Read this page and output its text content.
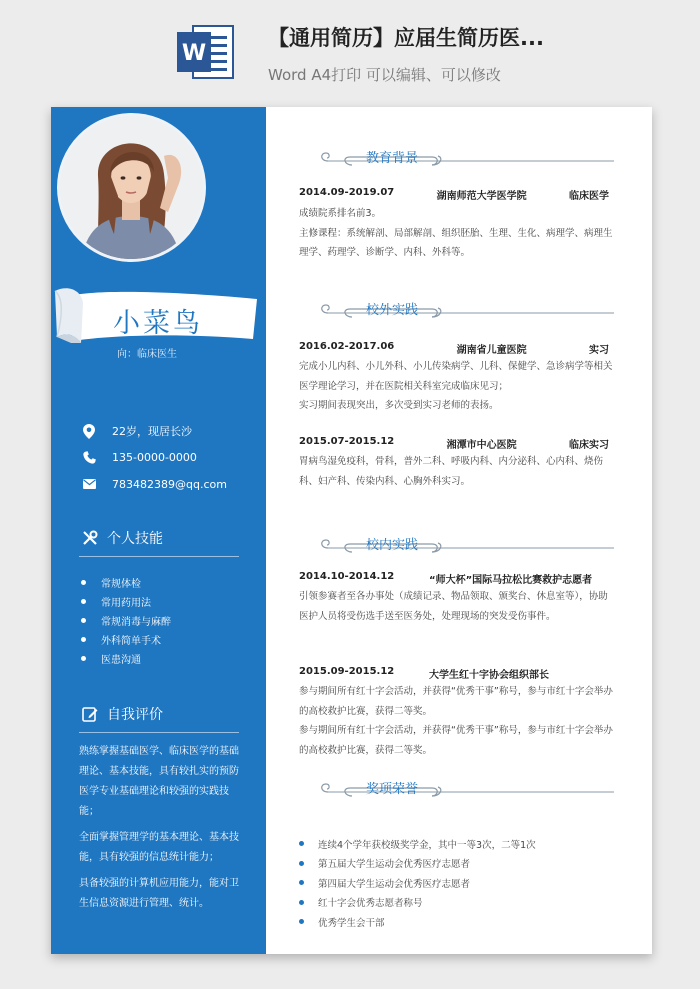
W
【通用简历】应届生简历医...
Word A4打印 可以编辑、可以修改
小菜鸟
向：临床医生
22岁，现居长沙
135-0000-0000
783482389@qq.com
个人技能
常规体检
常用药用法
常规消毒与麻醉
外科简单手术
医患沟通
自我评价

熟练掌握基础医学、临床医学的基础理论、基本技能，具有较扎实的预防医学专业基础理论和较强的实践技能；

全面掌握管理学的基本理论、基本技能，具有较强的信息统计能力；

具备较强的计算机应用能力，能对卫生信息资源进行管理、统计。

教育背景
2014.09-2019.07	湖南师范大学医学院	临床医学
成绩院系排名前3。
主修课程：系统解剖、局部解剖、组织胚胎、生理、生化、病理学、病理生理学、药理学、诊断学、内科、外科等。
校外实践
2016.02-2017.06	湖南省儿童医院	实习
完成小儿内科、小儿外科、小儿传染病学、儿科、保健学、急诊病学等相关医学理论学习，并在医院相关科室完成临床见习；
实习期间表现突出，多次受到实习老师的表扬。
2015.07-2015.12	湘潭市中心医院	临床实习
胃病鸟湿免疫科，骨科，普外二科、呼吸内科、内分泌科、心内科、烧伤科、妇产科、传染内科、心胸外科实习。
校内实践
2014.10-2014.12	“师大杯”国际马拉松比赛救护志愿者
引领参赛者至各办事处（成绩记录、物品领取、颁奖台、休息室等），协助医护人员将受伤选手送至医务处，处理现场的突发受伤事件。
2015.09-2015.12	大学生红十字协会组织部长
参与期间所有红十字会活动，并获得“优秀干事”称号，参与市红十字会举办的高校救护比赛，获得二等奖。
参与期间所有红十字会活动，并获得“优秀干事”称号，参与市红十字会举办的高校救护比赛，获得二等奖。
奖项荣誉
连续4个学年获校级奖学金，其中一等3次，二等1次
第五届大学生运动会优秀医疗志愿者
第四届大学生运动会优秀医疗志愿者
红十字会优秀志愿者称号
优秀学生会干部
